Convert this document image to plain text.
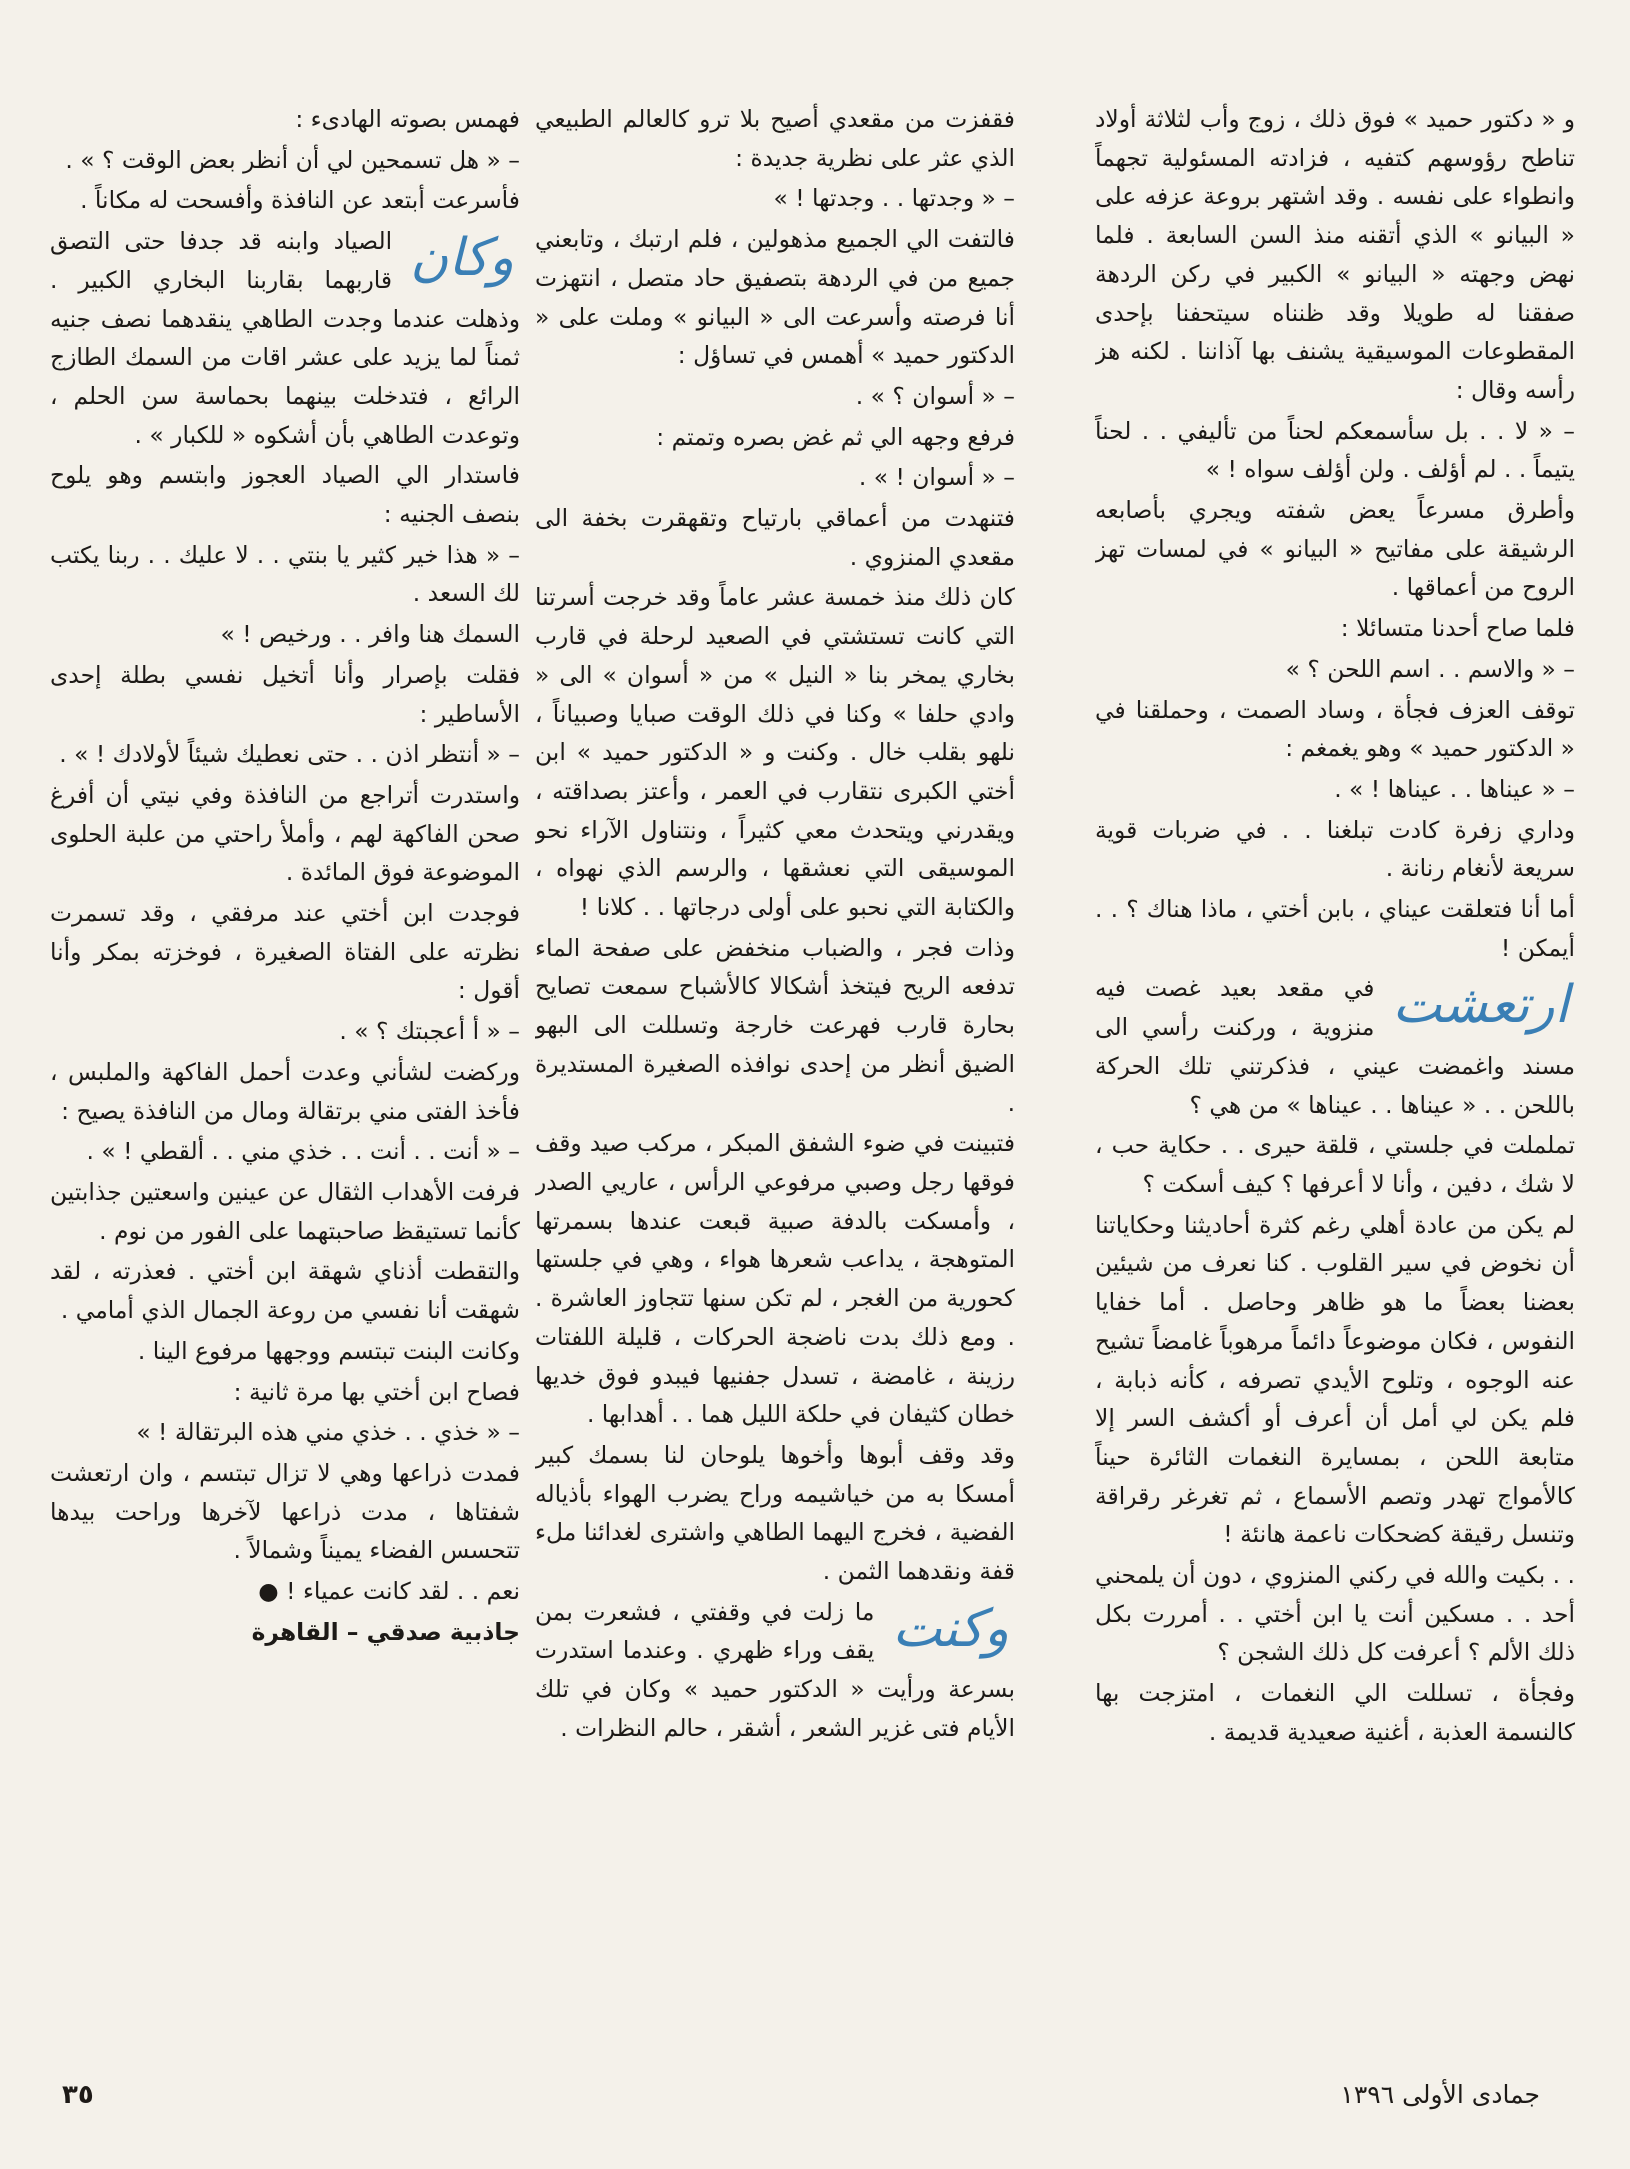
و « دكتور حميد » فوق ذلك ، زوج وأب لثلاثة أولاد تناطح رؤوسهم كتفيه ، فزادته المسئولية تجهماً وانطواء على نفسه . وقد اشتهر بروعة عزفه على « البيانو » الذي أتقنه منذ السن السابعة . فلما نهض وجهته « البيانو » الكبير في ركن الردهة صفقنا له طويلا وقد ظنناه سيتحفنا بإحدى المقطوعات الموسيقية يشنف بها آذاننا . لكنه هز رأسه وقال :

– « لا . . بل سأسمعكم لحناً من تأليفي . . لحناً يتيماً . . لم أؤلف . ولن أؤلف سواه ! »

وأطرق مسرعاً يعض شفته ويجري بأصابعه الرشيقة على مفاتيح « البيانو » في لمسات تهز الروح من أعماقها .

فلما صاح أحدنا متسائلا :

– « والاسم . . اسم اللحن ؟ »

توقف العزف فجأة ، وساد الصمت ، وحملقنا في « الدكتور حميد » وهو يغمغم :

– « عيناها . . عيناها ! » .

وداري زفرة كادت تبلغنا . . في ضربات قوية سريعة لأنغام رنانة .

أما أنا فتعلقت عيناي ، بابن أختي ، ماذا هناك ؟ . . أيمكن !

ارتعشت
في مقعد بعيد غصت فيه منزوية ، وركنت رأسي الى مسند واغمضت عيني ، فذكرتني تلك الحركة باللحن . . « عيناها . . عيناها » من هي ؟

تململت في جلستي ، قلقة حيرى . . حكاية حب ، لا شك ، دفين ، وأنا لا أعرفها ؟ كيف أسكت ؟

لم يكن من عادة أهلي رغم كثرة أحاديثنا وحكاياتنا أن نخوض في سير القلوب . كنا نعرف من شيئين بعضنا بعضاً ما هو ظاهر وحاصل . أما خفايا النفوس ، فكان موضوعاً دائماً مرهوباً غامضاً تشيح عنه الوجوه ، وتلوح الأيدي تصرفه ، كأنه ذبابة ، فلم يكن لي أمل أن أعرف أو أكشف السر إلا متابعة اللحن ، بمسايرة النغمات الثائرة حيناً كالأمواج تهدر وتصم الأسماع ، ثم تغرغر رقراقة وتنسل رقيقة كضحكات ناعمة هانئة !

. . بكيت والله في ركني المنزوي ، دون أن يلمحني أحد . . مسكين أنت يا ابن أختي . . أمررت بكل ذلك الألم ؟ أعرفت كل ذلك الشجن ؟

وفجأة ، تسللت الي النغمات ، امتزجت بها كالنسمة العذبة ، أغنية صعيدية قديمة .

فقفزت من مقعدي أصيح بلا ترو كالعالم الطبيعي الذي عثر على نظرية جديدة :

– « وجدتها . . وجدتها ! »

فالتفت الي الجميع مذهولين ، فلم ارتبك ، وتابعني جميع من في الردهة بتصفيق حاد متصل ، انتهزت أنا فرصته وأسرعت الى « البيانو » وملت على « الدكتور حميد » أهمس في تساؤل :

– « أسوان ؟ » .

فرفع وجهه الي ثم غض بصره وتمتم :

– « أسوان ! » .

فتنهدت من أعماقي بارتياح وتقهقرت بخفة الى مقعدي المنزوي .

كان ذلك منذ خمسة عشر عاماً وقد خرجت أسرتنا التي كانت تستشتي في الصعيد لرحلة في قارب بخاري يمخر بنا « النيل » من « أسوان » الى « وادي حلفا » وكنا في ذلك الوقت صبايا وصبياناً ، نلهو بقلب خال . وكنت و « الدكتور حميد » ابن أختي الكبرى نتقارب في العمر ، وأعتز بصداقته ، ويقدرني ويتحدث معي كثيراً ، ونتناول الآراء نحو الموسيقى التي نعشقها ، والرسم الذي نهواه ، والكتابة التي نحبو على أولى درجاتها . . كلانا !

وذات فجر ، والضباب منخفض على صفحة الماء تدفعه الريح فيتخذ أشكالا كالأشباح سمعت تصايح بحارة قارب فهرعت خارجة وتسللت الى البهو الضيق أنظر من إحدى نوافذه الصغيرة المستديرة .

فتبينت في ضوء الشفق المبكر ، مركب صيد وقف فوقها رجل وصبي مرفوعي الرأس ، عاريي الصدر ، وأمسكت بالدفة صبية قبعت عندها بسمرتها المتوهجة ، يداعب شعرها هواء ، وهي في جلستها كحورية من الغجر ، لم تكن سنها تتجاوز العاشرة . . ومع ذلك بدت ناضجة الحركات ، قليلة اللفتات رزينة ، غامضة ، تسدل جفنيها فيبدو فوق خديها خطان كثيفان في حلكة الليل هما . . أهدابها .

وقد وقف أبوها وأخوها يلوحان لنا بسمك كبير أمسكا به من خياشيمه وراح يضرب الهواء بأذياله الفضية ، فخرج اليهما الطاهي واشترى لغدائنا ملء قفة ونقدهما الثمن .

وكنت
ما زلت في وقفتي ، فشعرت بمن يقف وراء ظهري . وعندما استدرت بسرعة ورأيت « الدكتور حميد » وكان في تلك الأيام فتى غزير الشعر ، أشقر ، حالم النظرات .

فهمس بصوته الهادىء :

– « هل تسمحين لي أن أنظر بعض الوقت ؟ » .

فأسرعت أبتعد عن النافذة وأفسحت له مكاناً .

وكان
الصياد وابنه قد جدفا حتى التصق قاربهما بقاربنا البخاري الكبير . وذهلت عندما وجدت الطاهي ينقدهما نصف جنيه ثمناً لما يزيد على عشر اقات من السمك الطازج الرائع ، فتدخلت بينهما بحماسة سن الحلم ، وتوعدت الطاهي بأن أشكوه « للكبار » .

فاستدار الي الصياد العجوز وابتسم وهو يلوح بنصف الجنيه :

– « هذا خير كثير يا بنتي . . لا عليك . . ربنا يكتب لك السعد .

السمك هنا وافر . . ورخيص ! »

فقلت بإصرار وأنا أتخيل نفسي بطلة إحدى الأساطير :

– « أنتظر اذن . . حتى نعطيك شيئاً لأولادك ! » .

واستدرت أتراجع من النافذة وفي نيتي أن أفرغ صحن الفاكهة لهم ، وأملأ راحتي من علبة الحلوى الموضوعة فوق المائدة .

فوجدت ابن أختي عند مرفقي ، وقد تسمرت نظرته على الفتاة الصغيرة ، فوخزته بمكر وأنا أقول :

– « أ أعجبتك ؟ » .

وركضت لشأني وعدت أحمل الفاكهة والملبس ، فأخذ الفتى مني برتقالة ومال من النافذة يصيح :

– « أنت . . أنت . . خذي مني . . ألقطي ! » .

فرفت الأهداب الثقال عن عينين واسعتين جذابتين كأنما تستيقظ صاحبتهما على الفور من نوم .

والتقطت أذناي شهقة ابن أختي . فعذرته ، لقد شهقت أنا نفسي من روعة الجمال الذي أمامي .

وكانت البنت تبتسم ووجهها مرفوع الينا .

فصاح ابن أختي بها مرة ثانية :

– « خذي . . خذي مني هذه البرتقالة ! »

فمدت ذراعها وهي لا تزال تبتسم ، وان ارتعشت شفتاها ، مدت ذراعها لآخرها وراحت بيدها تتحسس الفضاء يميناً وشمالاً .

نعم . . لقد كانت عمياء ! ●

جاذبية صدقي – القاهرة

٣٥	جمادى الأولى ١٣٩٦
